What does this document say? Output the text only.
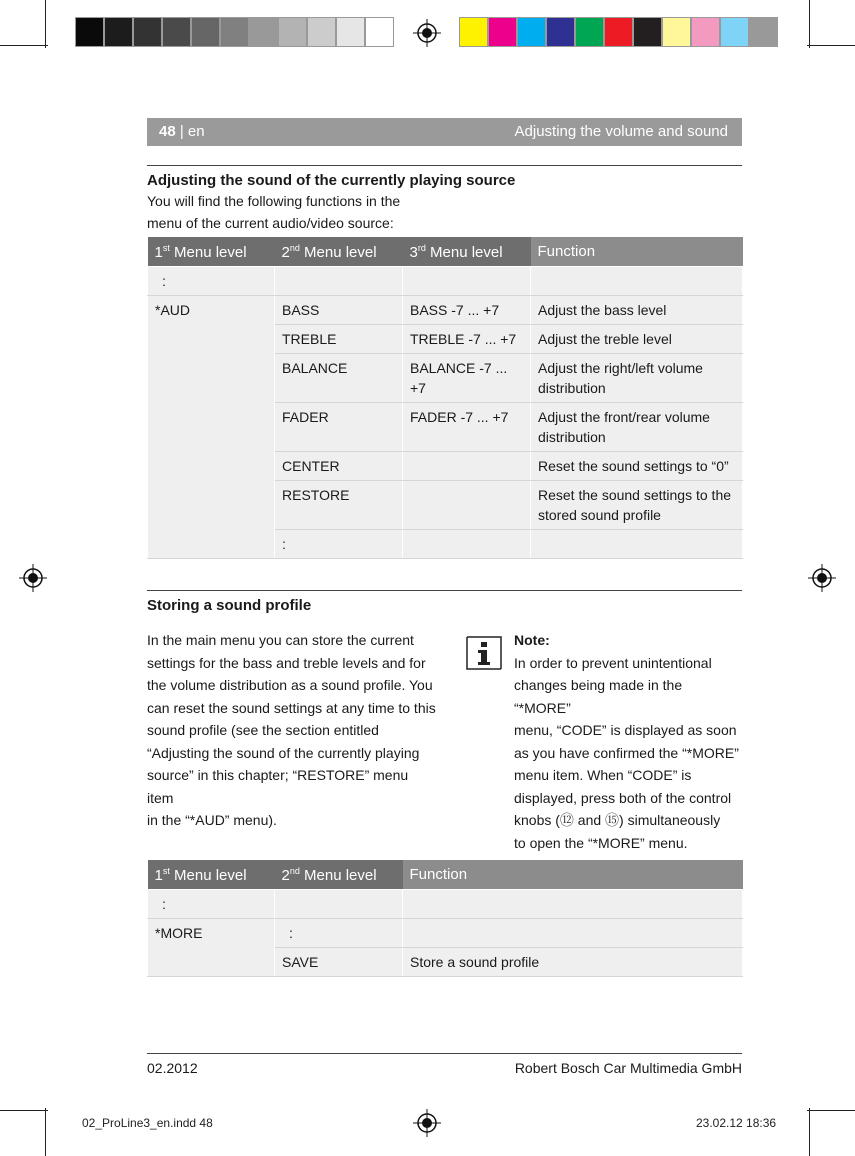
48 | en	Adjusting the volume and sound
Adjusting the sound of the currently playing source
You will find the following functions in the
menu of the current audio/video source:
1st Menu level	2nd Menu level	3rd Menu level	Function
:			
*AUD	BASS	BASS -7 ... +7	Adjust the bass level
	TREBLE	TREBLE -7 ... +7	Adjust the treble level
	BALANCE	BALANCE -7 ... +7	Adjust the right/left volume distribution
	FADER	FADER -7 ... +7	Adjust the front/rear volume distribution
	CENTER		Reset the sound settings to “0”
	RESTORE		Reset the sound settings to the stored sound profile
	:		
Storing a sound profile
In the main menu you can store the current
settings for the bass and treble levels and for
the volume distribution as a sound profile. You
can reset the sound settings at any time to this
sound profile (see the section entitled
“Adjusting the sound of the currently playing
source” in this chapter; “RESTORE” menu item
in the “*AUD” menu).
Note:
In order to prevent unintentional
changes being made in the “*MORE”
menu, “CODE” is displayed as soon
as you have confirmed the “*MORE”
menu item. When “CODE” is
displayed, press both of the control
knobs (⑫ and ⑮) simultaneously
to open the “*MORE” menu.
1st Menu level	2nd Menu level	Function
:		
*MORE	:	
	SAVE	Store a sound profile
02.2012	Robert Bosch Car Multimedia GmbH
02_ProLine3_en.indd 48	23.02.12 18:36
